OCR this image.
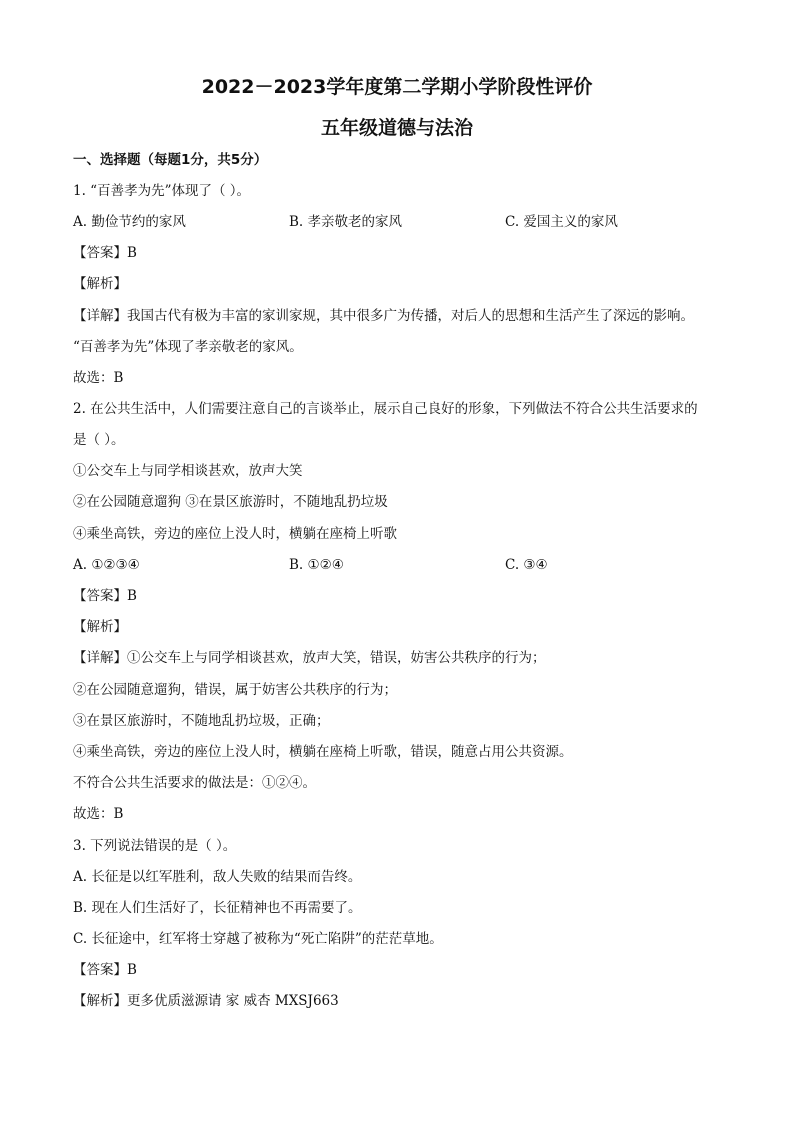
2022－2023学年度第二学期小学阶段性评价
五年级道德与法治
一、选择题（每题1分，共5分）
1. “百善孝为先”体现了（ ）。
A. 勤俭节约的家风	B. 孝亲敬老的家风	C. 爱国主义的家风
【答案】B
【解析】
【详解】我国古代有极为丰富的家训家规，其中很多广为传播，对后人的思想和生活产生了深远的影响。
“百善孝为先”体现了孝亲敬老的家风。
故选：B
2. 在公共生活中，人们需要注意自己的言谈举止，展示自己良好的形象，下列做法不符合公共生活要求的
是（ ）。
①公交车上与同学相谈甚欢，放声大笑
②在公园随意遛狗 ③在景区旅游时，不随地乱扔垃圾
④乘坐高铁，旁边的座位上没人时，横躺在座椅上听歌
A. ①②③④	B. ①②④	C. ③④
【答案】B
【解析】
【详解】①公交车上与同学相谈甚欢，放声大笑，错误，妨害公共秩序的行为；
②在公园随意遛狗，错误，属于妨害公共秩序的行为；
③在景区旅游时，不随地乱扔垃圾，正确；
④乘坐高铁，旁边的座位上没人时，横躺在座椅上听歌，错误，随意占用公共资源。
不符合公共生活要求的做法是：①②④。
故选：B
3. 下列说法错误的是（ ）。
A. 长征是以红军胜利，敌人失败的结果而告终。
B. 现在人们生活好了，长征精神也不再需要了。
C. 长征途中，红军将士穿越了被称为“死亡陷阱”的茫茫草地。
【答案】B
【解析】更多优质滋源请 家 威杏 MXSJ663
